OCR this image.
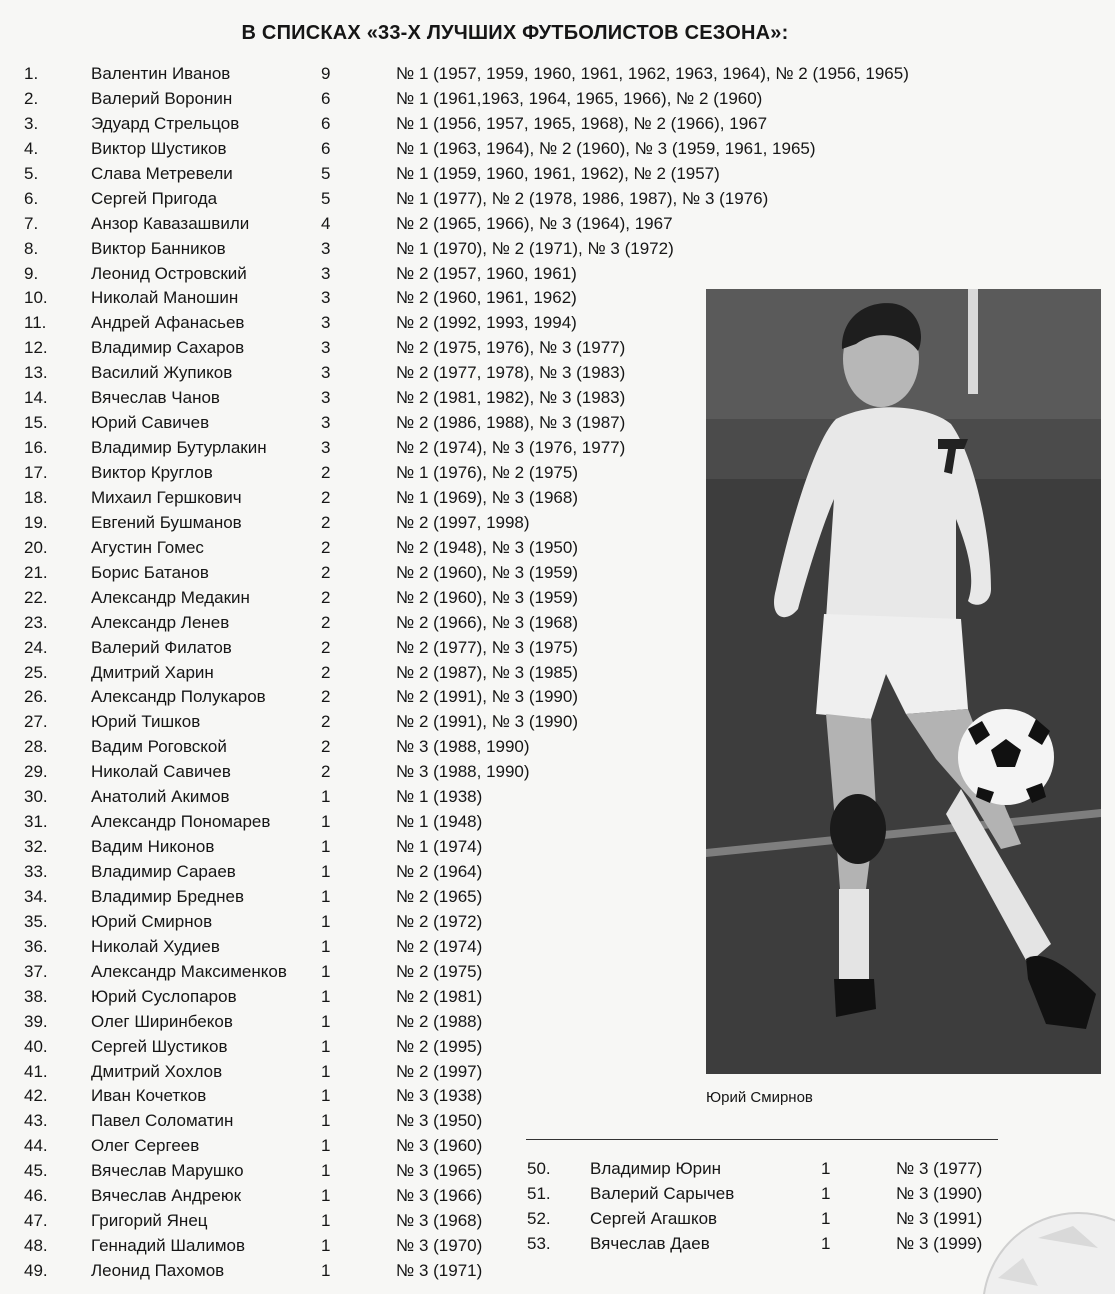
В СПИСКАХ «33-Х ЛУЧШИХ ФУТБОЛИСТОВ СЕЗОНА»:
1.	Валентин Иванов	9	№ 1 (1957, 1959, 1960, 1961, 1962, 1963, 1964), № 2 (1956, 1965)
2.	Валерий Воронин	6	№ 1 (1961,1963, 1964, 1965, 1966), № 2 (1960)
3.	Эдуард Стрельцов	6	№ 1 (1956, 1957, 1965, 1968), № 2 (1966), 1967
4.	Виктор Шустиков	6	№ 1 (1963, 1964), № 2 (1960), № 3 (1959, 1961, 1965)
5.	Слава Метревели	5	№ 1 (1959, 1960, 1961, 1962), № 2 (1957)
6.	Сергей Пригода	5	№ 1 (1977), № 2 (1978, 1986, 1987), № 3 (1976)
7.	Анзор Кавазашвили	4	№ 2 (1965, 1966), № 3 (1964), 1967
8.	Виктор Банников	3	№ 1 (1970), № 2 (1971), № 3 (1972)
9.	Леонид Островский	3	№ 2 (1957, 1960, 1961)
10.	Николай Маношин	3	№ 2 (1960, 1961, 1962)
11.	Андрей Афанасьев	3	№ 2 (1992, 1993, 1994)
12.	Владимир Сахаров	3	№ 2 (1975, 1976), № 3 (1977)
13.	Василий Жупиков	3	№ 2 (1977, 1978), № 3 (1983)
14.	Вячеслав Чанов	3	№ 2 (1981, 1982), № 3 (1983)
15.	Юрий Савичев	3	№ 2 (1986, 1988), № 3 (1987)
16.	Владимир Бутурлакин	3	№ 2 (1974), № 3 (1976, 1977)
17.	Виктор Круглов	2	№ 1 (1976), № 2 (1975)
18.	Михаил Гершкович	2	№ 1 (1969), № 3 (1968)
19.	Евгений Бушманов	2	№ 2 (1997, 1998)
20.	Агустин Гомес	2	№ 2 (1948), № 3 (1950)
21.	Борис Батанов	2	№ 2 (1960), № 3 (1959)
22.	Александр Медакин	2	№ 2 (1960), № 3 (1959)
23.	Александр Ленев	2	№ 2 (1966), № 3 (1968)
24.	Валерий Филатов	2	№ 2 (1977), № 3 (1975)
25.	Дмитрий Харин	2	№ 2 (1987), № 3 (1985)
26.	Александр Полукаров	2	№ 2 (1991), № 3 (1990)
27.	Юрий Тишков	2	№ 2 (1991), № 3 (1990)
28.	Вадим Роговской	2	№ 3 (1988, 1990)
29.	Николай Савичев	2	№ 3 (1988, 1990)
30.	Анатолий Акимов	1	№ 1 (1938)
31.	Александр Пономарев	1	№ 1 (1948)
32.	Вадим Никонов	1	№ 1 (1974)
33.	Владимир Сараев	1	№ 2 (1964)
34.	Владимир Бреднев	1	№ 2 (1965)
35.	Юрий Смирнов	1	№ 2 (1972)
36.	Николай Худиев	1	№ 2 (1974)
37.	Александр Максименков 1	№ 2 (1975)
38.	Юрий Суслопаров	1	№ 2 (1981)
39.	Олег Ширинбеков	1	№ 2 (1988)
40.	Сергей Шустиков	1	№ 2 (1995)
41.	Дмитрий Хохлов	1	№ 2 (1997)
42.	Иван Кочетков	1	№ 3 (1938)
43.	Павел Соломатин	1	№ 3 (1950)
44.	Олег Сергеев	1	№ 3 (1960)
45.	Вячеслав Марушко	1	№ 3 (1965)
46.	Вячеслав Андреюк	1	№ 3 (1966)
47.	Григорий Янец	1	№ 3 (1968)
48.	Геннадий Шалимов	1	№ 3 (1970)
49.	Леонид Пахомов	1	№ 3 (1971)
Юрий Смирнов
50.	Владимир Юрин	1	№ 3 (1977)
51.	Валерий Сарычев	1	№ 3 (1990)
52.	Сергей Агашков	1	№ 3 (1991)
53.	Вячеслав Даев	1	№ 3 (1999)
